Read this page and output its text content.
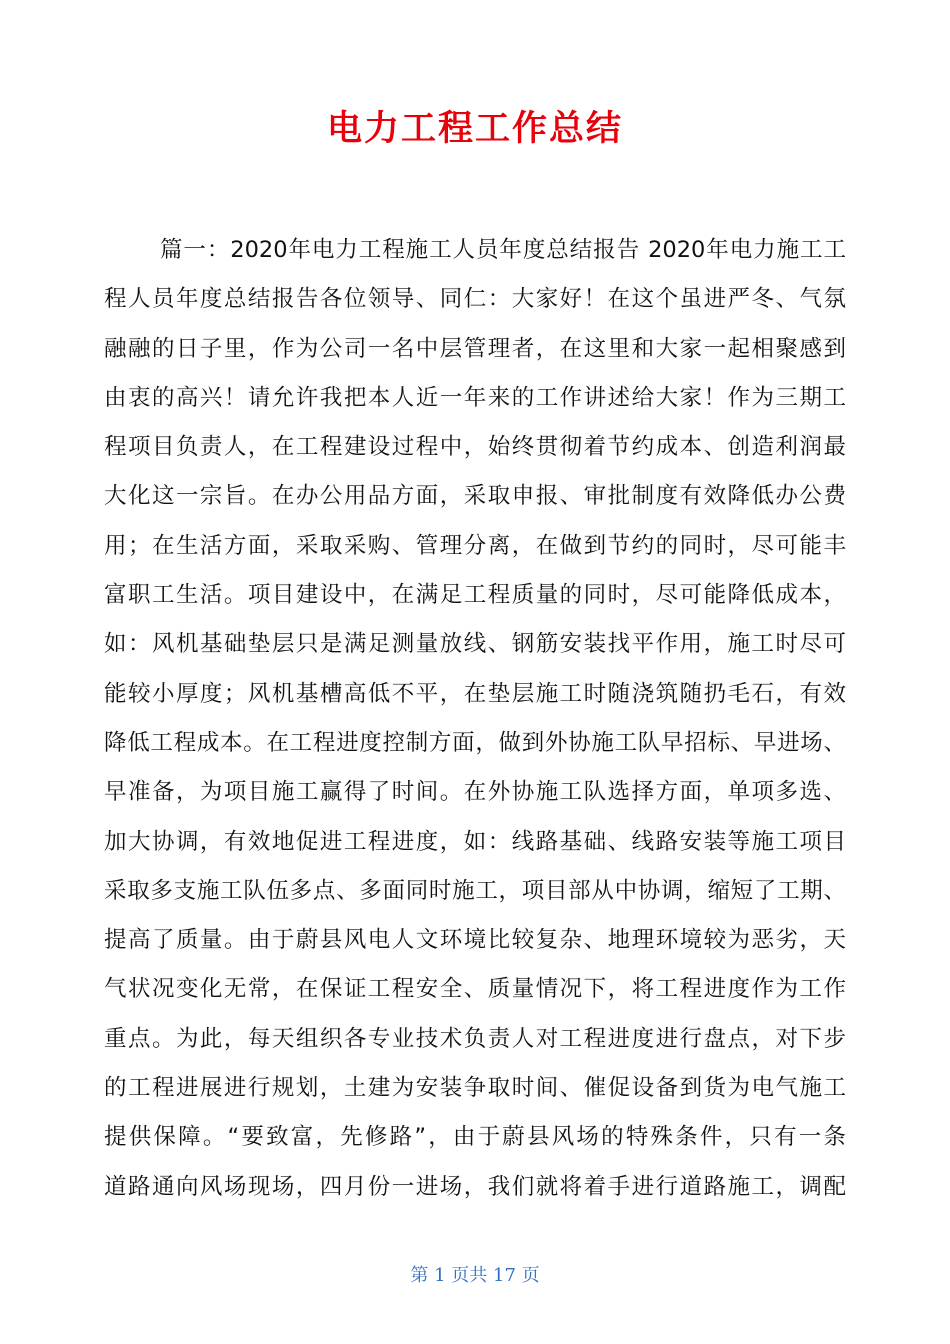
电力工程工作总结
篇一：2020年电力工程施工人员年度总结报告 2020年电力施工工
程人员年度总结报告各位领导、同仁：大家好！在这个虽进严冬、气氛
融融的日子里，作为公司一名中层管理者，在这里和大家一起相聚感到
由衷的高兴！请允许我把本人近一年来的工作讲述给大家！作为三期工
程项目负责人，在工程建设过程中，始终贯彻着节约成本、创造利润最
大化这一宗旨。在办公用品方面，采取申报、审批制度有效降低办公费
用；在生活方面，采取采购、管理分离，在做到节约的同时，尽可能丰
富职工生活。项目建设中，在满足工程质量的同时，尽可能降低成本，
如：风机基础垫层只是满足测量放线、钢筋安装找平作用，施工时尽可
能较小厚度；风机基槽高低不平，在垫层施工时随浇筑随扔毛石，有效
降低工程成本。在工程进度控制方面，做到外协施工队早招标、早进场、
早准备，为项目施工赢得了时间。在外协施工队选择方面，单项多选、
加大协调，有效地促进工程进度，如：线路基础、线路安装等施工项目
采取多支施工队伍多点、多面同时施工，项目部从中协调，缩短了工期、
提高了质量。由于蔚县风电人文环境比较复杂、地理环境较为恶劣，天
气状况变化无常，在保证工程安全、质量情况下，将工程进度作为工作
重点。为此，每天组织各专业技术负责人对工程进度进行盘点，对下步
的工程进展进行规划，土建为安装争取时间、催促设备到货为电气施工
提供保障。“要致富，先修路”，由于蔚县风场的特殊条件，只有一条
道路通向风场现场，四月份一进场，我们就将着手进行道路施工，调配
第 1 页共 17 页
